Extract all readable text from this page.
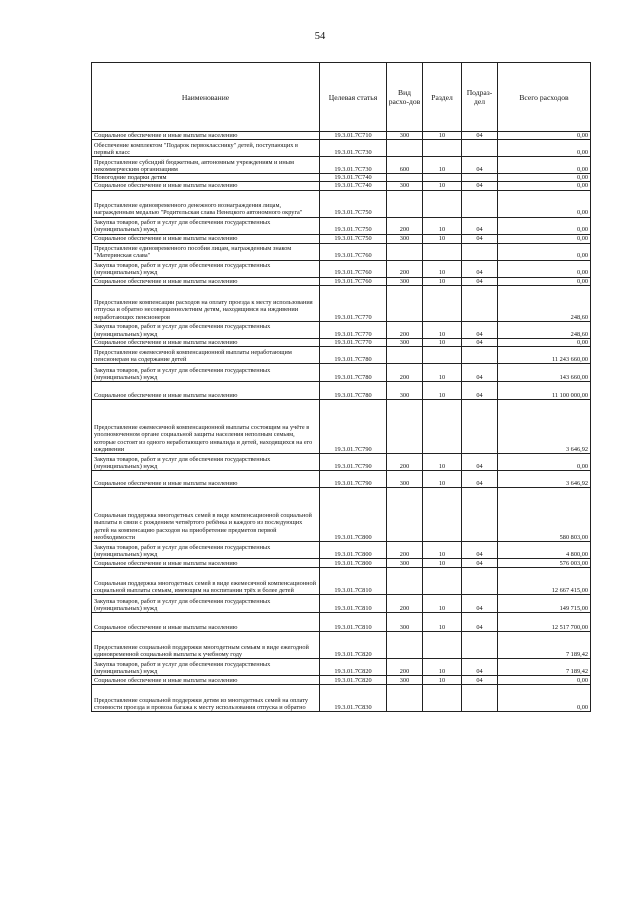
54
Наименование	Целевая статья	Вид расхо-дов	Раздел	Подраз-дел	Всего расходов
Социальное обеспечение и иные выплаты населению	19.3.01.7С710	300	10	04	0,00
Обеспечение комплектом "Подарок первокласснику" детей, поступающих в первый класс	19.3.01.7С730				0,00
Предоставление субсидий бюджетным, автономным учреждениям и иным некоммерческим организациям	19.3.01.7С730	600	10	04	0,00
Новогодние подарки детям	19.3.01.7С740				0,00
Социальное обеспечение и иные выплаты населению	19.3.01.7С740	300	10	04	0,00
Предоставление единовременного денежного вознаграждения лицам, награжденным медалью "Родительская слава Ненецкого автономного округа"	19.3.01.7С750				0,00
Закупка товаров, работ и услуг для обеспечения государственных (муниципальных) нужд	19.3.01.7С750	200	10	04	0,00
Социальное обеспечение и иные выплаты населению	19.3.01.7С750	300	10	04	0,00
Предоставление единовременного пособия лицам, награжденным знаком "Материнская слава"	19.3.01.7С760				0,00
Закупка товаров, работ и услуг для обеспечения государственных (муниципальных) нужд	19.3.01.7С760	200	10	04	0,00
Социальное обеспечение и иные выплаты населению	19.3.01.7С760	300	10	04	0,00
Предоставление компенсации расходов на оплату проезда к месту использования отпуска и обратно несовершеннолетним детям, находящимся на иждивении неработающих пенсионеров	19.3.01.7С770				248,60
Закупка товаров, работ и услуг для обеспечения государственных (муниципальных) нужд	19.3.01.7С770	200	10	04	248,60
Социальное обеспечение и иные выплаты населению	19.3.01.7С770	300	10	04	0,00
Предоставление ежемесячной компенсационной выплаты неработающим пенсионерам на содержание детей	19.3.01.7С780				11 243 660,00
Закупка товаров, работ и услуг для обеспечения государственных (муниципальных) нужд	19.3.01.7С780	200	10	04	143 660,00
Социальное обеспечение и иные выплаты населению	19.3.01.7С780	300	10	04	11 100 000,00
Предоставление ежемесячной компенсационной выплаты состоящим на учёте в уполномоченном органе социальной защиты населения неполным семьям, которые состоят из одного неработающего инвалида и детей, находящихся на его иждивении	19.3.01.7С790				3 646,92
Закупка товаров, работ и услуг для обеспечения государственных (муниципальных) нужд	19.3.01.7С790	200	10	04	0,00
Социальное обеспечение и иные выплаты населению	19.3.01.7С790	300	10	04	3 646,92
Социальная поддержка многодетных семей в виде компенсационной социальной выплаты в связи с рождением четвёртого ребёнка и каждого из последующих детей на компенсацию расходов на приобретение предметов первой необходимости	19.3.01.7С800				580 803,00
Закупка товаров, работ и услуг для обеспечения государственных (муниципальных) нужд	19.3.01.7С800	200	10	04	4 800,00
Социальное обеспечение и иные выплаты населению	19.3.01.7С800	300	10	04	576 003,00
Социальная поддержка многодетных семей в виде ежемесячной компенсационной социальной выплаты семьям, имеющим на воспитании трёх и более детей	19.3.01.7С810				12 667 415,00
Закупка товаров, работ и услуг для обеспечения государственных (муниципальных) нужд	19.3.01.7С810	200	10	04	149 715,00
Социальное обеспечение и иные выплаты населению	19.3.01.7С810	300	10	04	12 517 700,00
Предоставление социальной поддержки многодетным семьям в виде ежегодной единовременной социальной выплаты к учебному году	19.3.01.7С820				7 189,42
Закупка товаров, работ и услуг для обеспечения государственных (муниципальных) нужд	19.3.01.7С820	200	10	04	7 189,42
Социальное обеспечение и иные выплаты населению	19.3.01.7С820	300	10	04	0,00
Предоставление социальной поддержки детям из многодетных семей на оплату стоимости проезда и провоза багажа к месту использования отпуска и обратно	19.3.01.7С830				0,00
